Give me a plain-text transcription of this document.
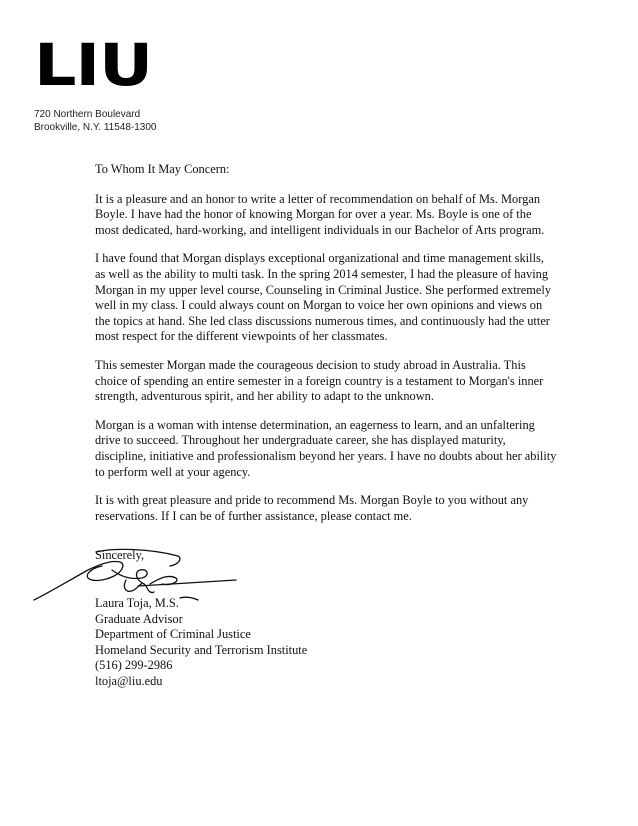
LIU
720 Northern Boulevard
Brookville, N.Y. 11548-1300

To Whom It May Concern:

It is a pleasure and an honor to write a letter of recommendation on behalf of Ms. Morgan Boyle. I have had the honor of knowing Morgan for over a year. Ms. Boyle is one of the most dedicated, hard-working, and intelligent individuals in our Bachelor of Arts program.

I have found that Morgan displays exceptional organizational and time management skills, as well as the ability to multi task. In the spring 2014 semester, I had the pleasure of having Morgan in my upper level course, Counseling in Criminal Justice. She performed extremely well in my class. I could always count on Morgan to voice her own opinions and views on the topics at hand. She led class discussions numerous times, and continuously had the utter most respect for the different viewpoints of her classmates.

This semester Morgan made the courageous decision to study abroad in Australia. This choice of spending an entire semester in a foreign country is a testament to Morgan's inner strength, adventurous spirit, and her ability to adapt to the unknown.

Morgan is a woman with intense determination, an eagerness to learn, and an unfaltering drive to succeed. Throughout her undergraduate career, she has displayed maturity, discipline, initiative and professionalism beyond her years. I have no doubts about her ability to perform well at your agency.

It is with great pleasure and pride to recommend Ms. Morgan Boyle to you without any reservations. If I can be of further assistance, please contact me.

Sincerely,
Laura Toja, M.S.
Graduate Advisor
Department of Criminal Justice
Homeland Security and Terrorism Institute
(516) 299-2986
ltoja@liu.edu
